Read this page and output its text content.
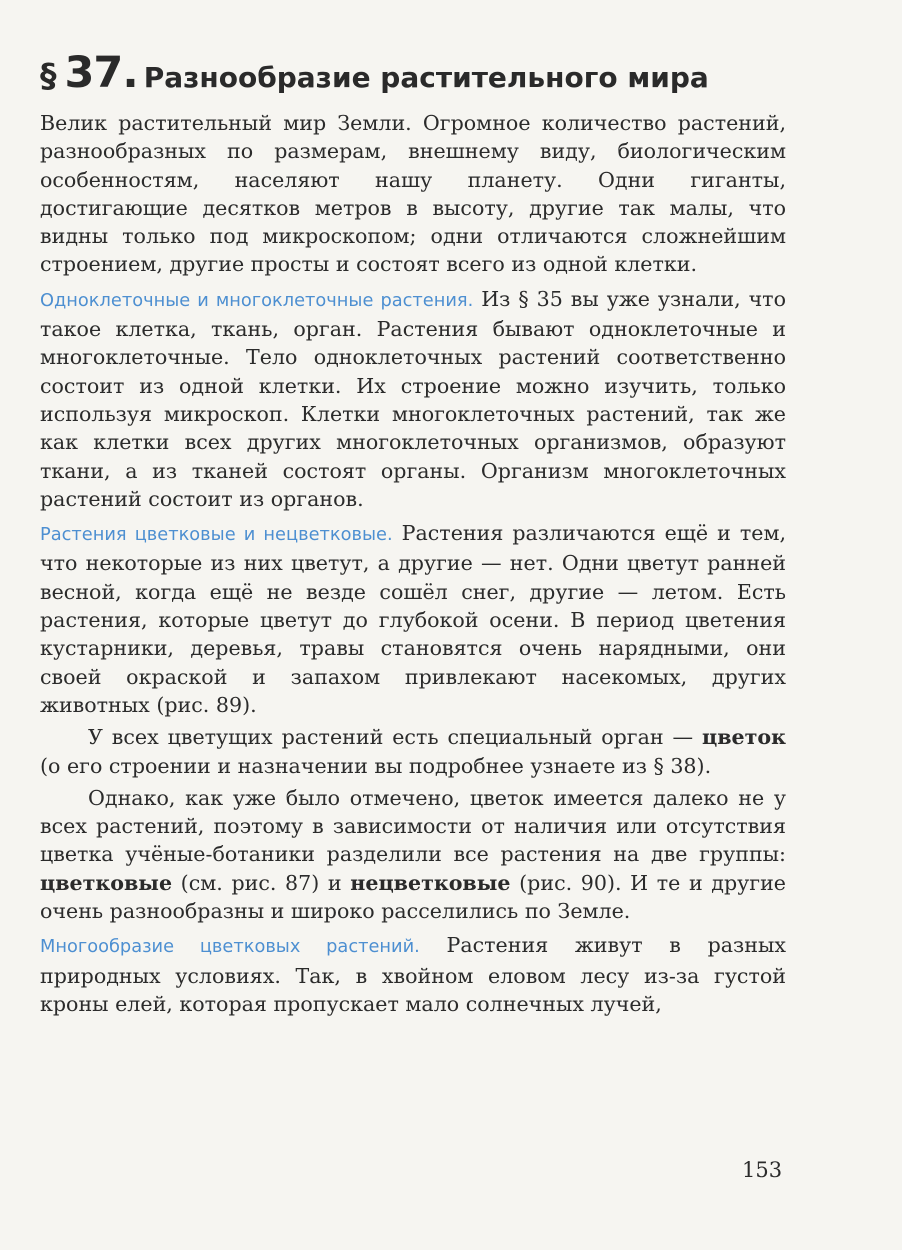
§ 37. Разнообразие растительного мира

Велик растительный мир Земли. Огромное количество растений, разнообразных по размерам, внешнему виду, биологическим особенностям, населяют нашу планету. Одни гиганты, достигающие десятков метров в высоту, другие так малы, что видны только под микроскопом; одни отличаются сложнейшим строением, другие просты и состоят всего из одной клетки.

Одноклеточные и многоклеточные растения. Из § 35 вы уже узнали, что такое клетка, ткань, орган. Растения бывают одноклеточные и многоклеточные. Тело одноклеточных растений соответственно состоит из одной клетки. Их строение можно изучить, только используя микроскоп. Клетки многоклеточных растений, так же как клетки всех других многоклеточных организмов, образуют ткани, а из тканей состоят органы. Организм многоклеточных растений состоит из органов.

Растения цветковые и нецветковые. Растения различаются ещё и тем, что некоторые из них цветут, а другие — нет. Одни цветут ранней весной, когда ещё не везде сошёл снег, другие — летом. Есть растения, которые цветут до глубокой осени. В период цветения кустарники, деревья, травы становятся очень нарядными, они своей окраской и запахом привлекают насекомых, других животных (рис. 89).

У всех цветущих растений есть специальный орган — цветок (о его строении и назначении вы подробнее узнаете из § 38).

Однако, как уже было отмечено, цветок имеется далеко не у всех растений, поэтому в зависимости от наличия или отсутствия цветка учёные-ботаники разделили все растения на две группы: цветковые (см. рис. 87) и нецветковые (рис. 90). И те и другие очень разнообразны и широко расселились по Земле.

Многообразие цветковых растений. Растения живут в разных природных условиях. Так, в хвойном еловом лесу из-за густой кроны елей, которая пропускает мало солнечных лучей,

153
